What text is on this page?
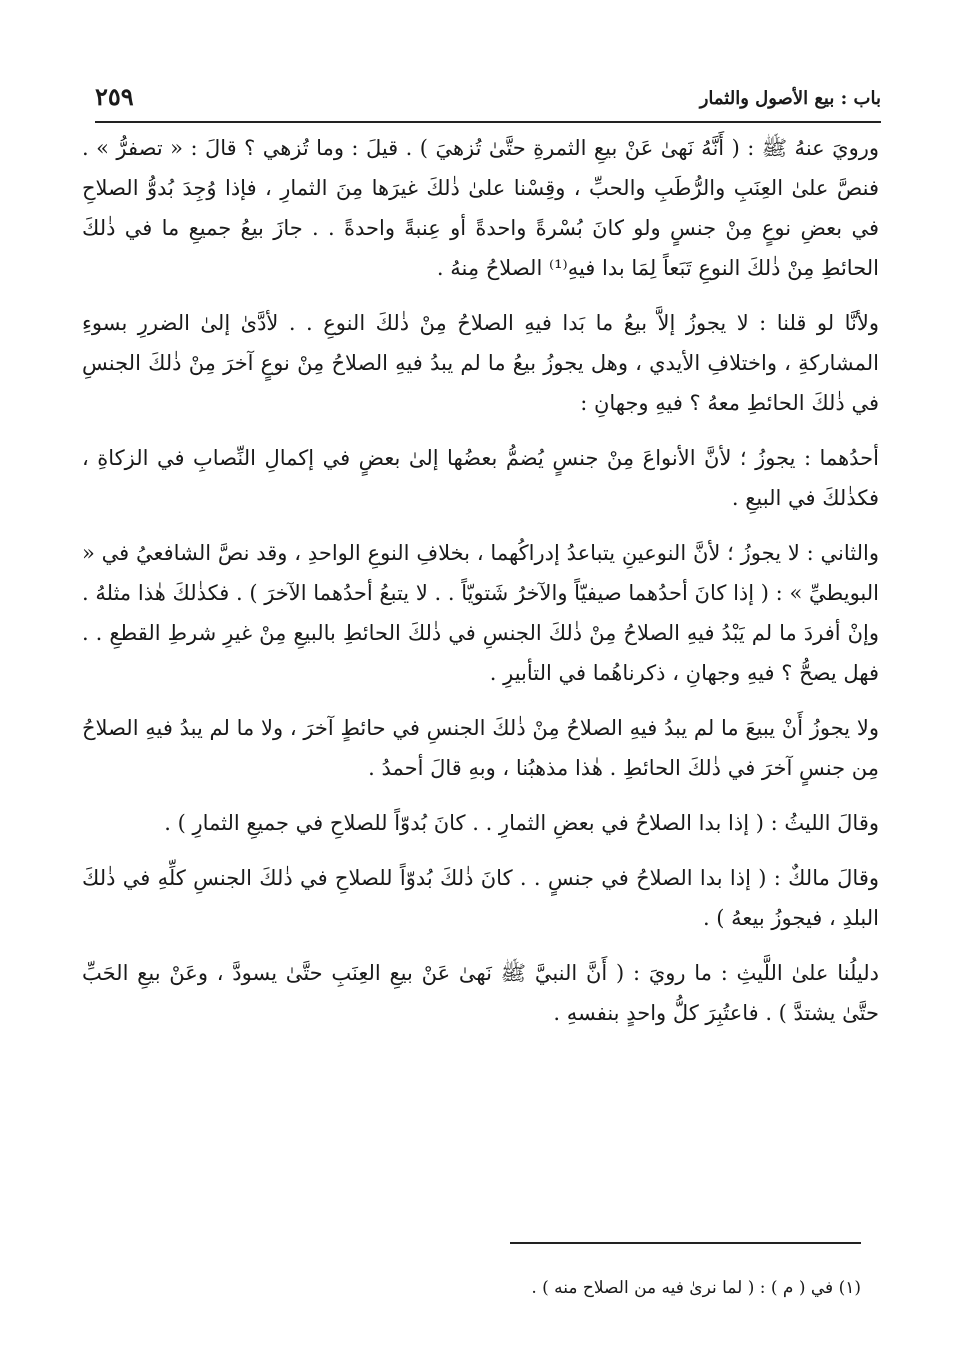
باب : بيع الأصول والثمار
٢٥٩

ورويَ عنهُ ﷺ : ( أَنَّهُ نَهىٰ عَنْ بيعِ الثمرةِ حتَّىٰ تُزهيَ ) . قيلَ : وما تُزهي ؟ قالَ : « تصفرُّ » . فنصَّ علىٰ العِنَبِ والرُّطَبِ والحبِّ ، وقِسْنا علىٰ ذٰلكَ غيرَها مِنَ الثمارِ ، فإذا وُجِدَ بُدوُّ الصلاحِ في بعضِ نوعٍ مِنْ جنسٍ ولو كانَ بُسْرةً واحدةً أو عِنبةً واحدةً . . جازَ بيعُ جميعِ ما في ذٰلكَ الحائطِ مِنْ ذٰلكَ النوعِ تَبَعاً لِمَا بدا فيهِ⁽¹⁾ الصلاحُ مِنهُ .

ولأنَّا لو قلنا : لا يجوزُ إلاَّ بيعُ ما بَدا فيهِ الصلاحُ مِنْ ذٰلكَ النوعِ . . لأدَّىٰ إلىٰ الضررِ بسوءِ المشاركةِ ، واختلافِ الأيدي ، وهل يجوزُ بيعُ ما لم يبدُ فيهِ الصلاحُ مِنْ نوعٍ آخرَ مِنْ ذٰلكَ الجنسِ في ذٰلكَ الحائطِ معهُ ؟ فيهِ وجهانِ :

أحدُهما : يجوزُ ؛ لأنَّ الأنواعَ مِنْ جنسٍ يُضمُّ بعضُها إلىٰ بعضٍ في إكمالِ النِّصابِ في الزكاةِ ، فكذٰلكَ في البيعِ .

والثاني : لا يجوزُ ؛ لأنَّ النوعينِ يتباعدُ إدراكُهما ، بخلافِ النوعِ الواحدِ ، وقد نصَّ الشافعيُ في « البويطيِّ » : ( إذا كانَ أحدُهما صيفيّاً والآخرُ شَتويّاً . . لا يتبعُ أحدُهما الآخرَ ) . فكذٰلكَ هٰذا مثلهُ . وإنْ أفردَ ما لم يَبْدُ فيهِ الصلاحُ مِنْ ذٰلكَ الجنسِ في ذٰلكَ الحائطِ بالبيعِ مِنْ غيرِ شرطِ القطعِ . . فهل يصحُّ ؟ فيهِ وجهانِ ، ذكرناهُما في التأبيرِ .

ولا يجوزُ أَنْ يبيعَ ما لم يبدُ فيهِ الصلاحُ مِنْ ذٰلكَ الجنسِ في حائطٍ آخرَ ، ولا ما لم يبدُ فيهِ الصلاحُ مِن جنسٍ آخرَ في ذٰلكَ الحائطِ . هٰذا مذهبُنا ، وبهِ قالَ أحمدُ .

وقالَ الليثُ : ( إذا بدا الصلاحُ في بعضِ الثمارِ . . كانَ بُدوّاً للصلاحِ في جميعِ الثمارِ ) .

وقالَ مالكٌ : ( إذا بدا الصلاحُ في جنسٍ . . كانَ ذٰلكَ بُدوّاً للصلاحِ في ذٰلكَ الجنسِ كلِّهِ في ذٰلكَ البلدِ ، فيجوزُ بيعهُ ) .

دليلُنا علىٰ اللَّيثِ : ما رويَ : ( أَنَّ النبيَّ ﷺ نَهىٰ عَنْ بيعِ العِنَبِ حتَّىٰ يسودَّ ، وعَنْ بيعِ الحَبِّ حتَّىٰ يشتدَّ ) . فاعتُبِرَ كلُّ واحدٍ بنفسهِ .

(١) في ( م ) : ( لما نرىٰ فيه من الصلاح منه ) .
